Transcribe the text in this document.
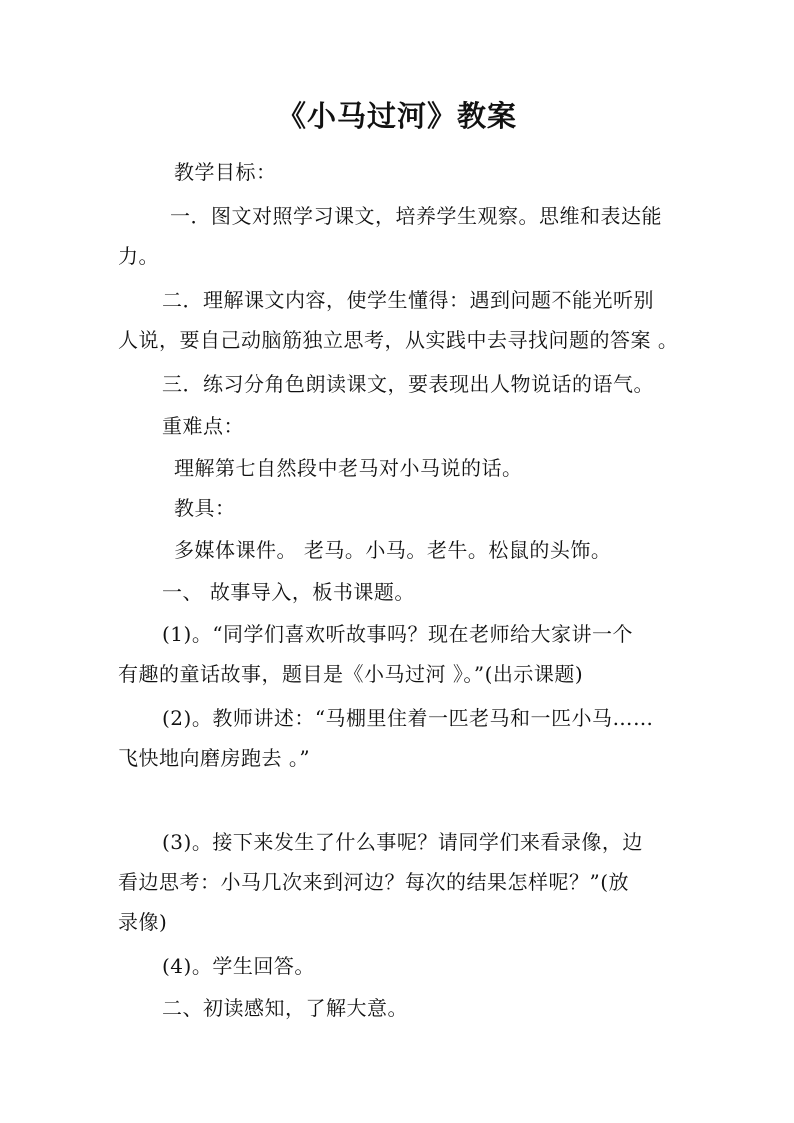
《小马过河》教案
教学目标：
一．图文对照学习课文，培养学生观察。思维和表达能
力。
二．理解课文内容，使学生懂得：遇到问题不能光听别
人说，要自己动脑筋独立思考，从实践中去寻找问题的答案 。
三．练习分角色朗读课文，要表现出人物说话的语气。
重难点：
理解第七自然段中老马对小马说的话。
教具：
多媒体课件。 老马。小马。老牛。松鼠的头饰。
一、 故事导入，板书课题。
(1)。“同学们喜欢听故事吗？现在老师给大家讲一个
有趣的童话故事，题目是《小马过河 》。”(出示课题)
(2)。教师讲述：“马棚里住着一匹老马和一匹小马……
飞快地向磨房跑去 。”
(3)。接下来发生了什么事呢？请同学们来看录像，边
看边思考：小马几次来到河边？每次的结果怎样呢？”(放
录像)
(4)。学生回答。
二、初读感知，了解大意。
